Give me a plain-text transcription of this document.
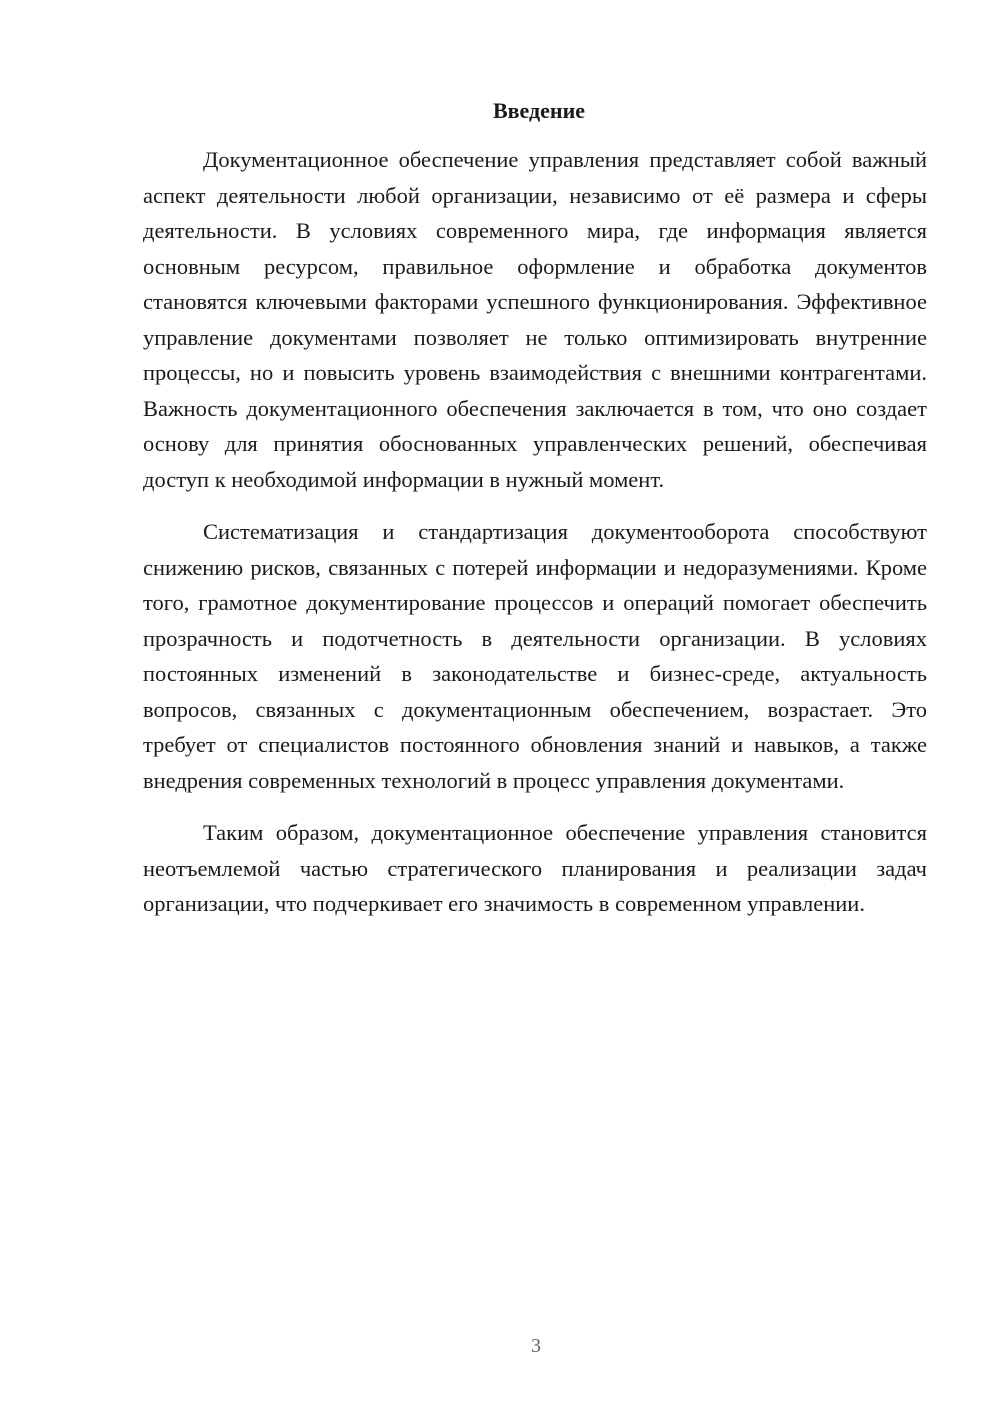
Введение

Документационное обеспечение управления представляет собой важный аспект деятельности любой организации, независимо от её размера и сферы деятельности. В условиях современного мира, где информация является основным ресурсом, правильное оформление и обработка документов становятся ключевыми факторами успешного функционирования. Эффективное управление документами позволяет не только оптимизировать внутренние процессы, но и повысить уровень взаимодействия с внешними контрагентами. Важность документационного обеспечения заключается в том, что оно создает основу для принятия обоснованных управленческих решений, обеспечивая доступ к необходимой информации в нужный момент.

Систематизация и стандартизация документооборота способствуют снижению рисков, связанных с потерей информации и недоразумениями. Кроме того, грамотное документирование процессов и операций помогает обеспечить прозрачность и подотчетность в деятельности организации. В условиях постоянных изменений в законодательстве и бизнес-среде, актуальность вопросов, связанных с документационным обеспечением, возрастает. Это требует от специалистов постоянного обновления знаний и навыков, а также внедрения современных технологий в процесс управления документами.

Таким образом, документационное обеспечение управления становится неотъемлемой частью стратегического планирования и реализации задач организации, что подчеркивает его значимость в современном управлении.

3
